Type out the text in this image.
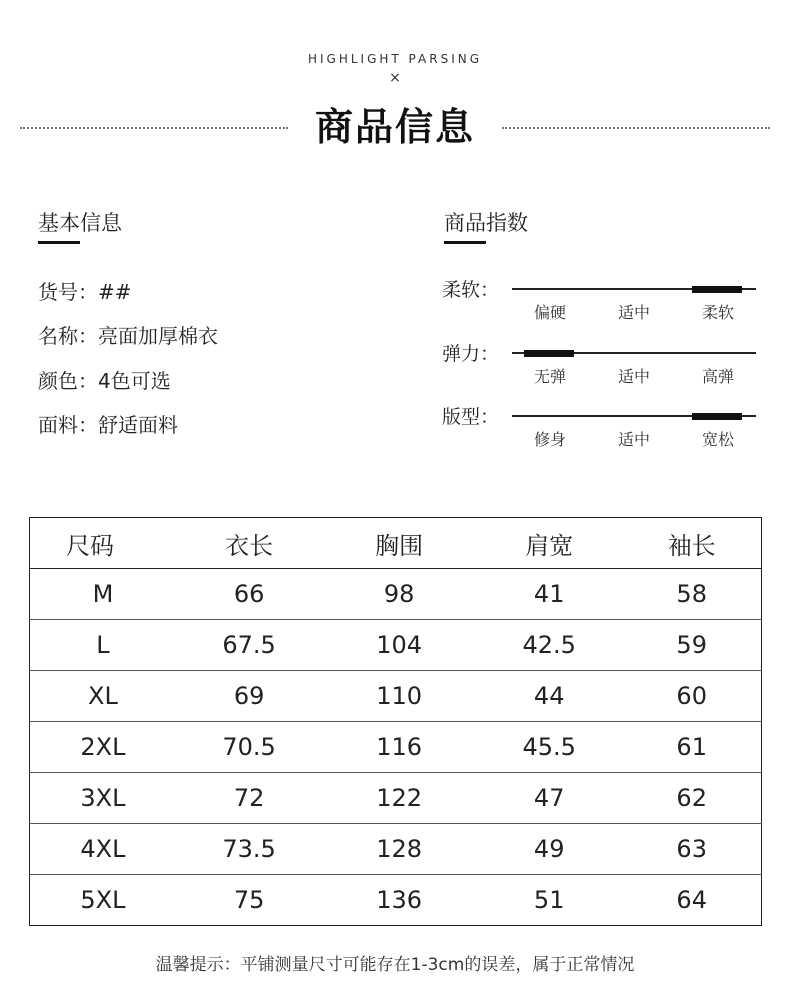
HIGHLIGHT PARSING
×
商品信息
基本信息
货号：##
名称：亮面加厚棉衣
颜色：4色可选
面料：舒适面料
商品指数
柔软：
偏硬	适中	柔软
弹力：
无弹	适中	高弹
版型：
修身	适中	宽松
尺码	衣长	胸围	肩宽	袖长
M	66	98	41	58
L	67.5	104	42.5	59
XL	69	110	44	60
2XL	70.5	116	45.5	61
3XL	72	122	47	62
4XL	73.5	128	49	63
5XL	75	136	51	64
温馨提示：平铺测量尺寸可能存在1-3cm的误差，属于正常情况
